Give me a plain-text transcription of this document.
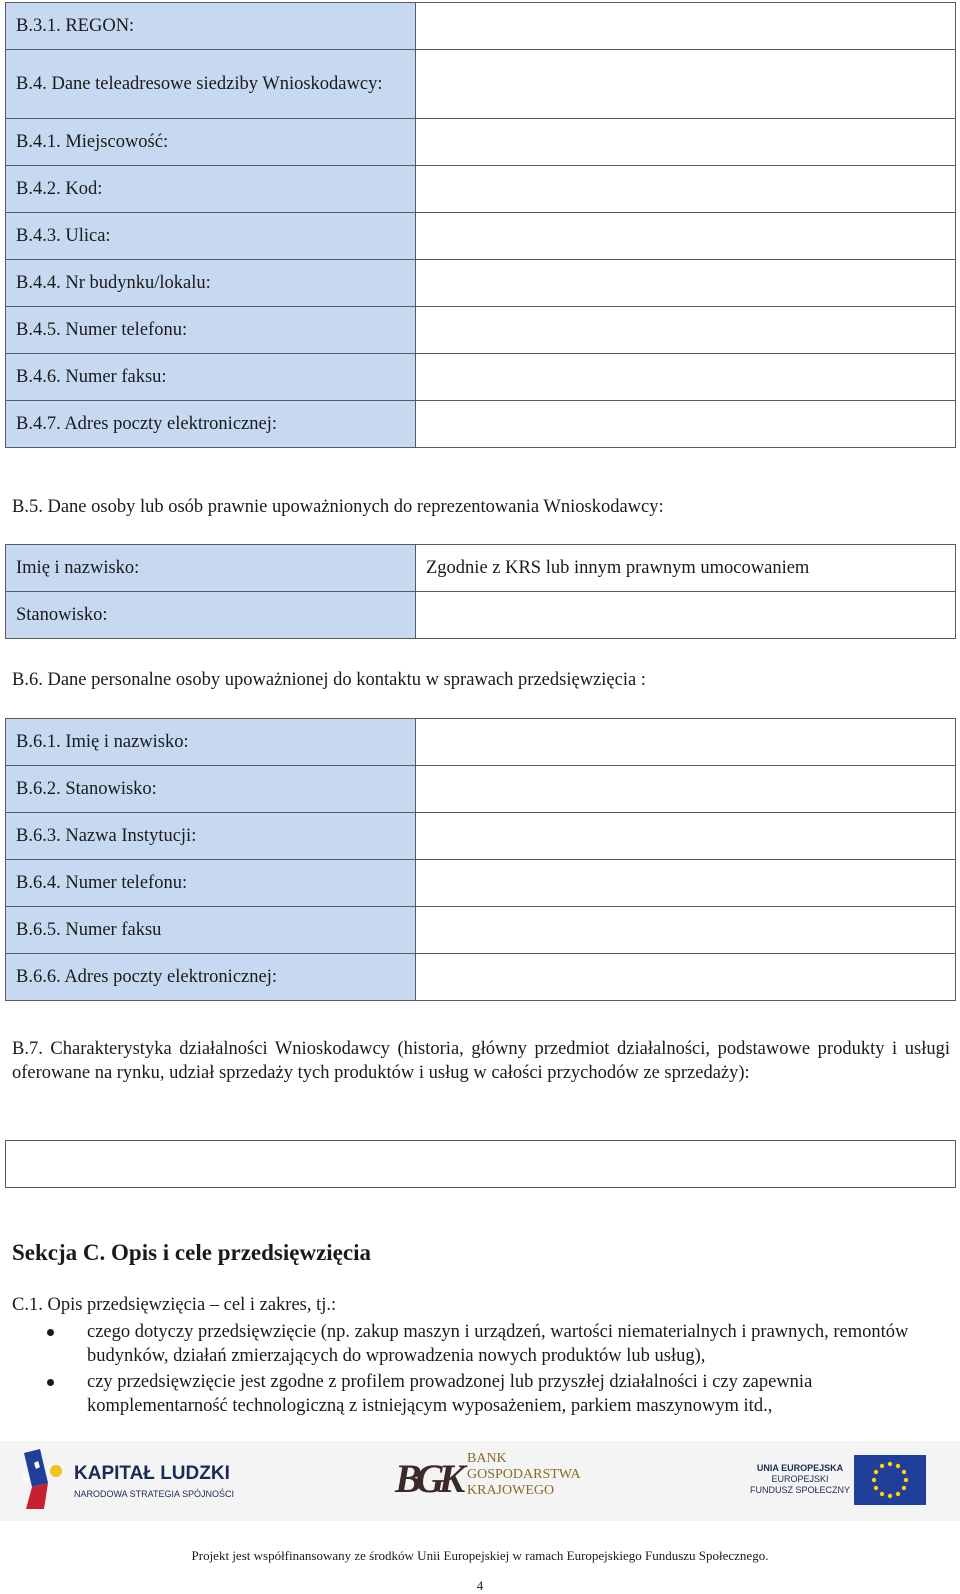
B.3.1. REGON:	
B.4. Dane teleadresowe siedziby Wnioskodawcy:	
B.4.1. Miejscowość:	
B.4.2. Kod:	
B.4.3. Ulica:	
B.4.4. Nr budynku/lokalu:	
B.4.5. Numer telefonu:	
B.4.6. Numer faksu:	
B.4.7. Adres poczty elektronicznej:	
B.5. Dane osoby lub osób prawnie upoważnionych do reprezentowania Wnioskodawcy:
Imię i nazwisko:	Zgodnie z KRS lub innym prawnym umocowaniem
Stanowisko:	
B.6. Dane personalne osoby upoważnionej do kontaktu w sprawach przedsięwzięcia :
B.6.1. Imię i nazwisko:	
B.6.2. Stanowisko:	
B.6.3. Nazwa Instytucji:	
B.6.4. Numer telefonu:	
B.6.5. Numer faksu	
B.6.6. Adres poczty elektronicznej:	
B.7. Charakterystyka działalności Wnioskodawcy (historia, główny przedmiot działalności, podstawowe produkty i usługi oferowane na rynku, udział sprzedaży tych produktów i usług w całości przychodów ze sprzedaży):
Sekcja C. Opis i cele przedsięwzięcia
C.1. Opis przedsięwzięcia – cel i zakres, tj.:
czego dotyczy przedsięwzięcie (np. zakup maszyn i urządzeń, wartości niematerialnych i prawnych, remontów budynków, działań zmierzających do wprowadzenia nowych produktów lub usług),
czy przedsięwzięcie jest zgodne z profilem prowadzonej lub przyszłej działalności i czy zapewnia komplementarność technologiczną z istniejącym wyposażeniem, parkiem maszynowym itd.,
KAPITAŁ LUDZKI
NARODOWA STRATEGIA SPÓJNOŚCI	BGK BANK
GOSPODARSTWA
KRAJOWEGO
UNIA EUROPEJSKA
EUROPEJSKI
FUNDUSZ SPOŁECZNY
Projekt jest współfinansowany ze środków Unii Europejskiej w ramach Europejskiego Funduszu Społecznego.
4
